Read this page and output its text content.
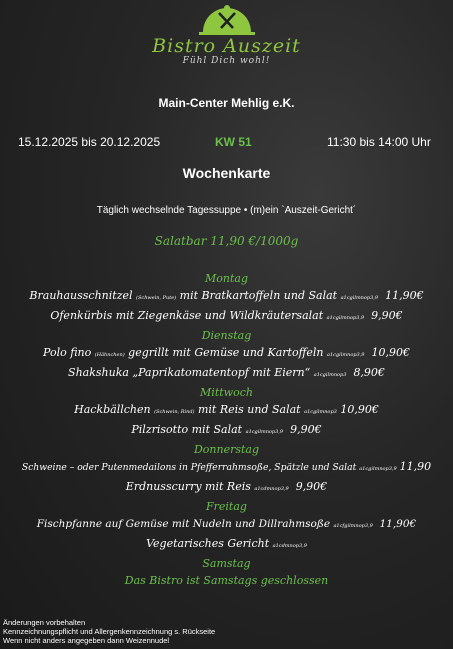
Bistro Auszeit
Fühl Dich wohl!
Main-Center Mehlig e.K.
15.12.2025 bis 20.12.2025	KW 51	11:30 bis 14:00 Uhr
Wochenkarte
Täglich wechselnde Tagessuppe • (m)ein `Auszeit-Gericht´
Salatbar 11,90 €/1000g
Montag
Brauhausschnitzel (Schwein, Pute) mit Bratkartoffeln und Salat a1cgilmnop3,9 11,90€
Ofenkürbis mit Ziegenkäse und Wildkräutersalat a1cgilmnop3,9 9,90€
Dienstag
Polo fino (Hähnchen) gegrillt mit Gemüse und Kartoffeln a1cgilmnop3,9 10,90€
Shakshuka „Paprikatomatentopf mit Eiern“ a1cgilmnop3 8,90€
Mittwoch
Hackbällchen (Schwein, Rind) mit Reis und Salat a1cgilmnop3 10,90€
Pilzrisotto mit Salat a1cgilmnop3,9 9,90€
Donnerstag
Schweine – oder Putenmedailons in Pfefferrahmsoße, Spätzle und Salat a1cgilmnop3,9 11,90
Erdnusscurry mit Reis a1cdmnop3,9 9,90€
Freitag
Fischpfanne auf Gemüse mit Nudeln und Dillrahmsoße a1cfgilmnop3,9 11,90€
Vegetarisches Gericht a1cdmnop3,9
Samstag
Das Bistro ist Samstags geschlossen
Änderungen vorbehalten
Kennzeichnungspflicht und Allergenkennzeichnung s. Rückseite
Wenn nicht anders angegeben dann Weizennudel
